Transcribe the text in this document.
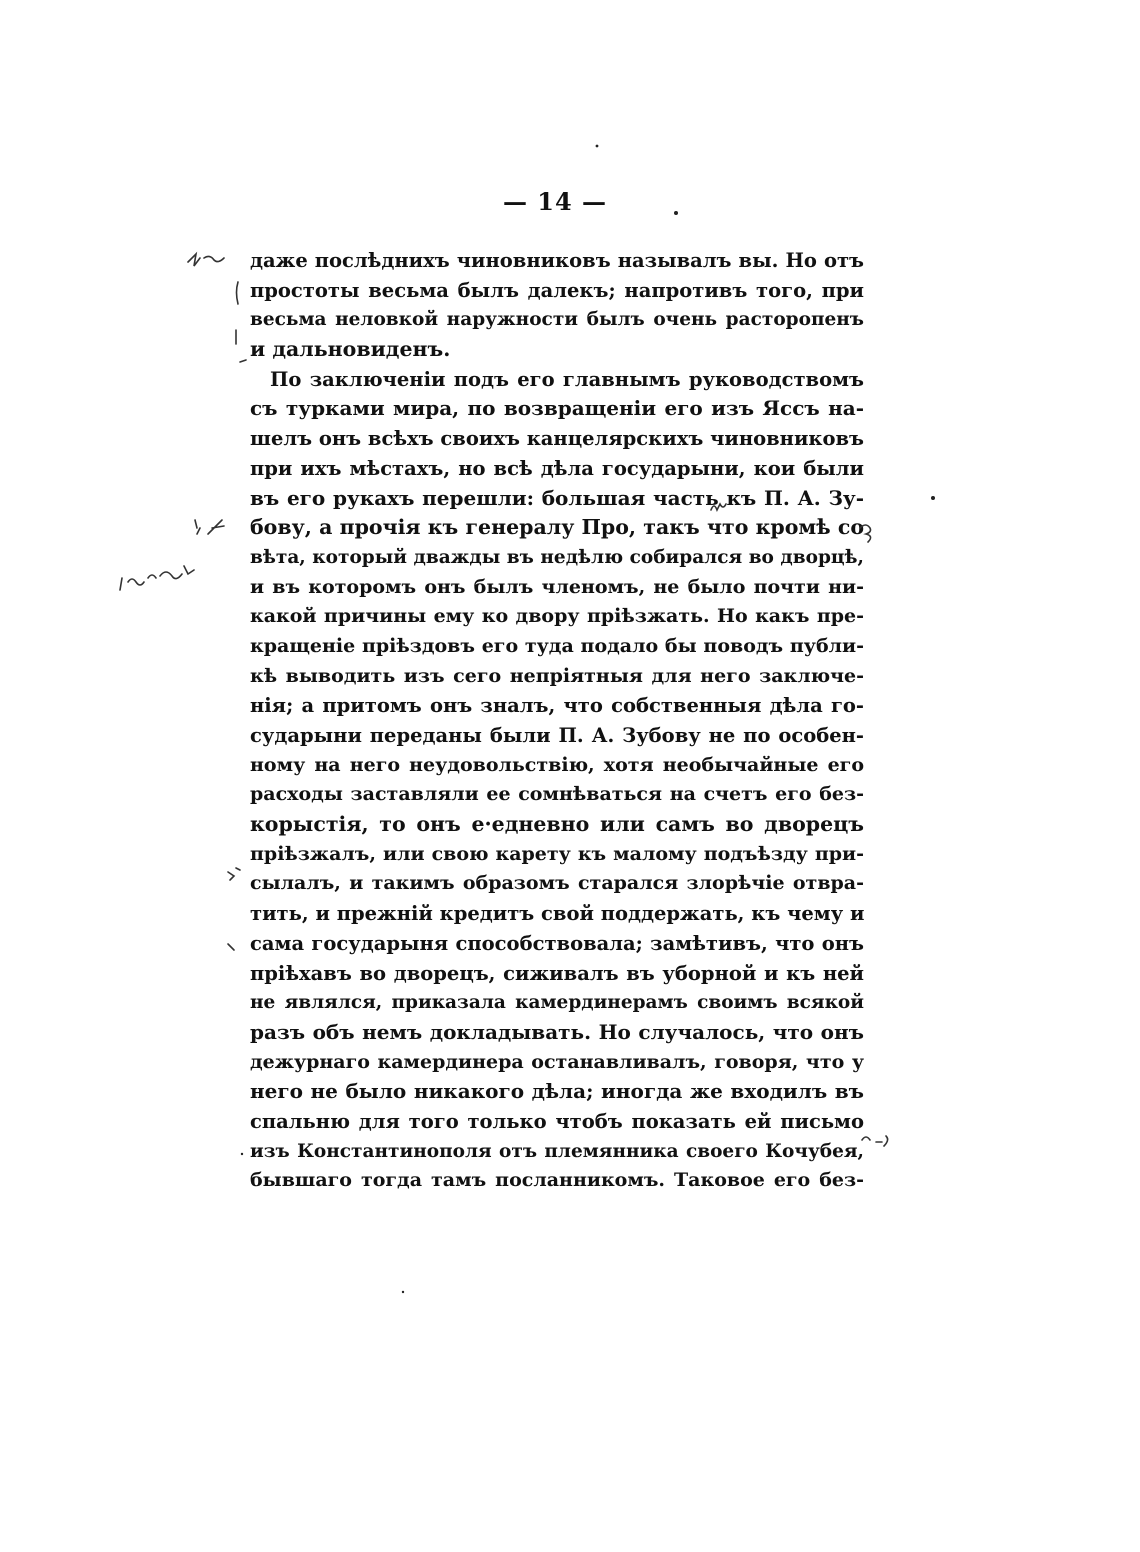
— 14 —
даже послѣднихъ чиновниковъ называлъ вы. Но отъ
простоты весьма былъ далекъ; напротивъ того, при
весьма неловкой наружности былъ очень расторопенъ
и дальновиденъ.
По заключеніи подъ его главнымъ руководствомъ
съ турками мира, по возвращеніи его изъ Яссъ на-
шелъ онъ всѣхъ своихъ канцелярскихъ чиновниковъ
при ихъ мѣстахъ, но всѣ дѣла государыни, кои были
въ его рукахъ перешли: большая часть къ П. А. Зу-
бову, а прочія къ генералу Про, такъ что кромѣ со
вѣта, который дважды въ недѣлю собирался во дворцѣ,
и въ которомъ онъ былъ членомъ, не было почти ни-
какой причины ему ко двору пріѣзжать. Но какъ пре-
кращеніе пріѣздовъ его туда подало бы поводъ публи-
кѣ выводить изъ сего непріятныя для него заключе-
нія; а притомъ онъ зналъ, что собственныя дѣла го-
сударыни переданы были П. А. Зубову не по особен-
ному на него неудовольствію, хотя необычайные его
расходы заставляли ее сомнѣваться на счетъ его без-
корыстія, то онъ е·едневно или самъ во дворецъ
пріѣзжалъ, или свою карету къ малому подъѣзду при-
сылалъ, и такимъ образомъ старался злорѣчіе отвра-
тить, и прежній кредитъ свой поддержать, къ чему и
сама государыня способствовала; замѣтивъ, что онъ
пріѣхавъ во дворецъ, сиживалъ въ уборной и къ ней
не являлся, приказала камердинерамъ своимъ всякой
разъ объ немъ докладывать. Но случалось, что онъ
дежурнаго камердинера останавливалъ, говоря, что у
него не было никакого дѣла; иногда же входилъ въ
спальню для того только чтобъ показать ей письмо
изъ Константинополя отъ племянника своего Кочубея,
бывшаго тогда тамъ посланникомъ. Таковое его без-
